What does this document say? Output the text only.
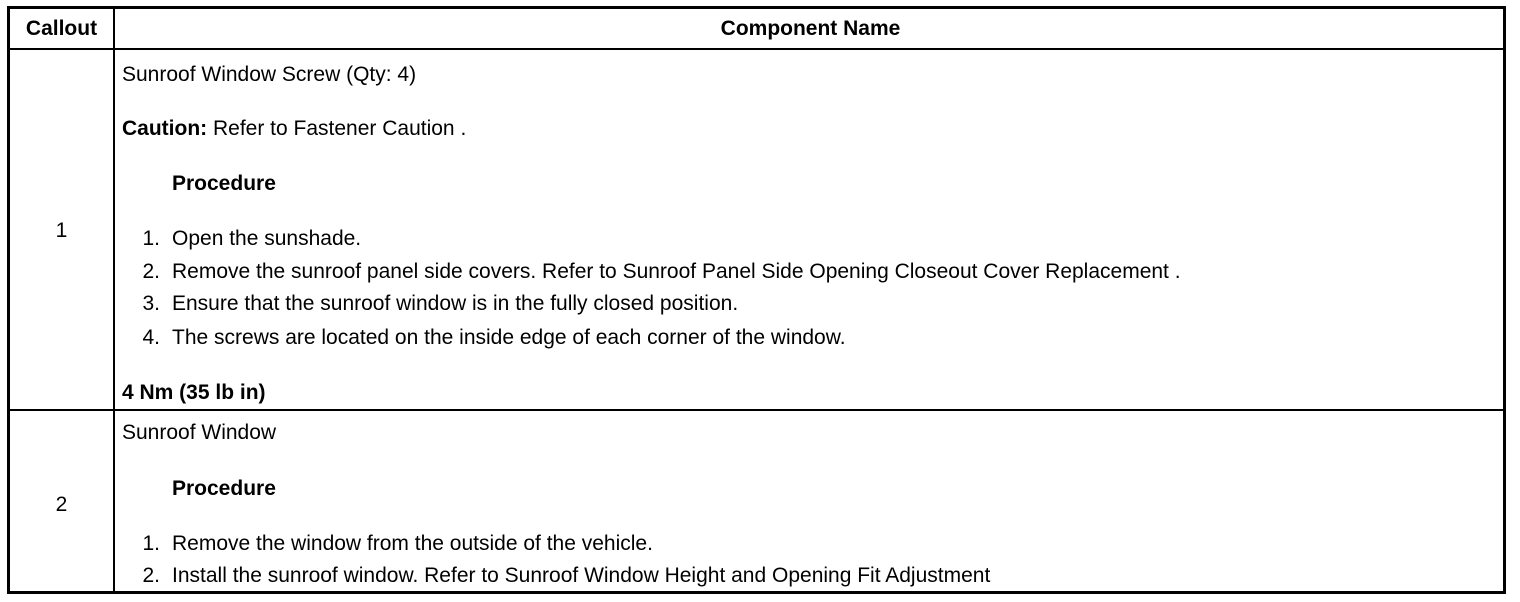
Callout	Component Name
1
Sunroof Window Screw (Qty: 4)
Caution: Refer to Fastener Caution .
Procedure
1. Open the sunshade.
2. Remove the sunroof panel side covers. Refer to Sunroof Panel Side Opening Closeout Cover Replacement .
3. Ensure that the sunroof window is in the fully closed position.
4. The screws are located on the inside edge of each corner of the window.
4 Nm (35 lb in)
2
Sunroof Window
Procedure
1. Remove the window from the outside of the vehicle.
2. Install the sunroof window. Refer to Sunroof Window Height and Opening Fit Adjustment
